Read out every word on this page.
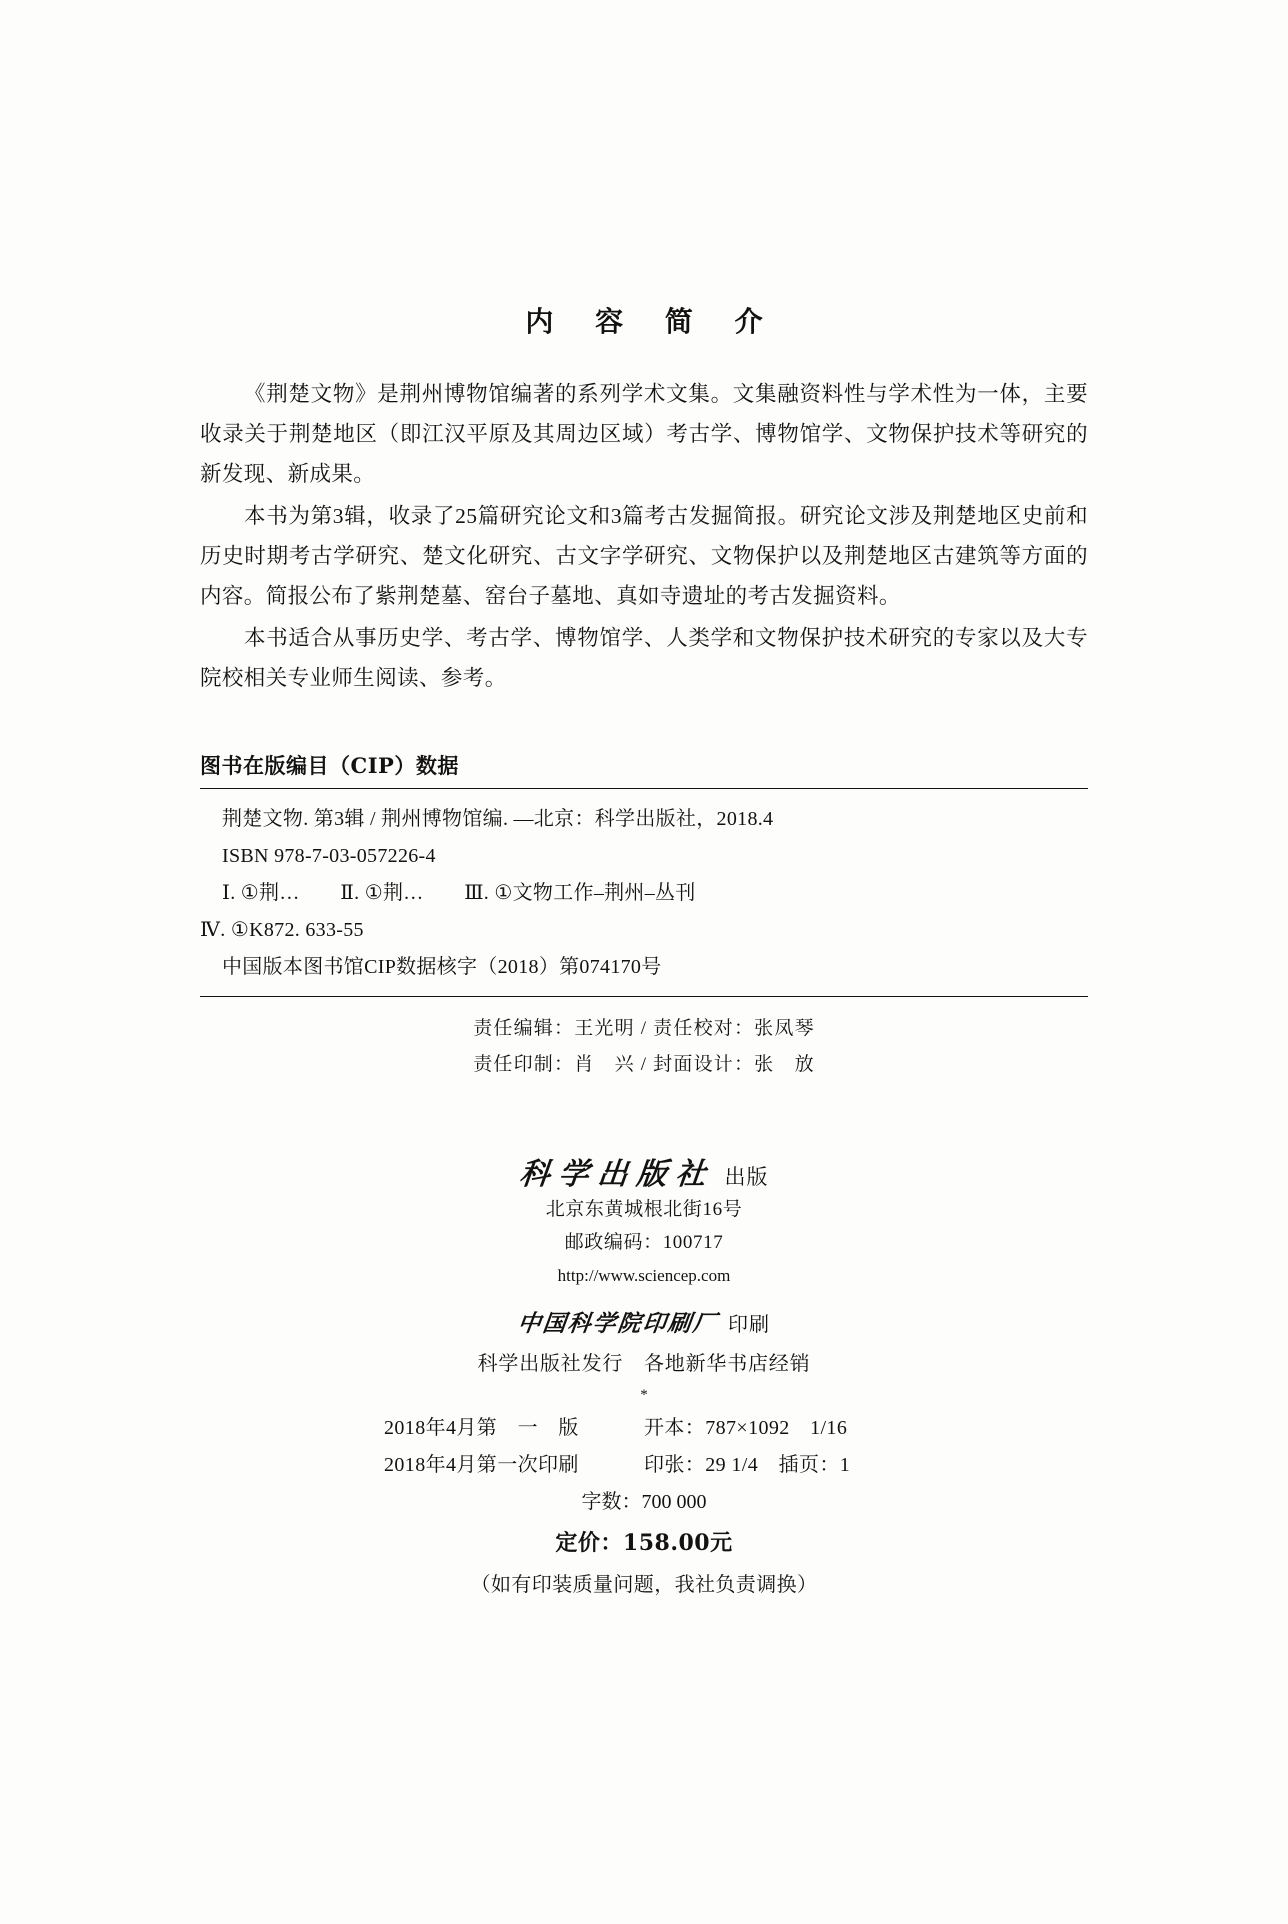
内 容 简 介

《荆楚文物》是荆州博物馆编著的系列学术文集。文集融资料性与学术性为一体，主要收录关于荆楚地区（即江汉平原及其周边区域）考古学、博物馆学、文物保护技术等研究的新发现、新成果。

本书为第3辑，收录了25篇研究论文和3篇考古发掘简报。研究论文涉及荆楚地区史前和历史时期考古学研究、楚文化研究、古文字学研究、文物保护以及荆楚地区古建筑等方面的内容。简报公布了紫荆楚墓、窑台子墓地、真如寺遗址的考古发掘资料。

本书适合从事历史学、考古学、博物馆学、人类学和文物保护技术研究的专家以及大专院校相关专业师生阅读、参考。

图书在版编目（CIP）数据
荆楚文物. 第3辑 / 荆州博物馆编. —北京：科学出版社，2018.4
ISBN 978-7-03-057226-4
Ⅰ. ①荆… Ⅱ. ①荆… Ⅲ. ①文物工作–荆州–丛刊
Ⅳ. ①K872. 633-55
中国版本图书馆CIP数据核字（2018）第074170号
责任编辑：王光明 / 责任校对：张凤琴
责任印制：肖　兴 / 封面设计：张　放
科学出版社 出版
北京东黄城根北街16号
邮政编码：100717
http://www.sciencep.com
中国科学院印刷厂 印刷
科学出版社发行　各地新华书店经销
*
2018年4月第　一　版	开本：787×1092　1/16
2018年4月第一次印刷	印张：29 1/4　插页：1
字数：700 000
定价：158.00元
（如有印装质量问题，我社负责调换）
